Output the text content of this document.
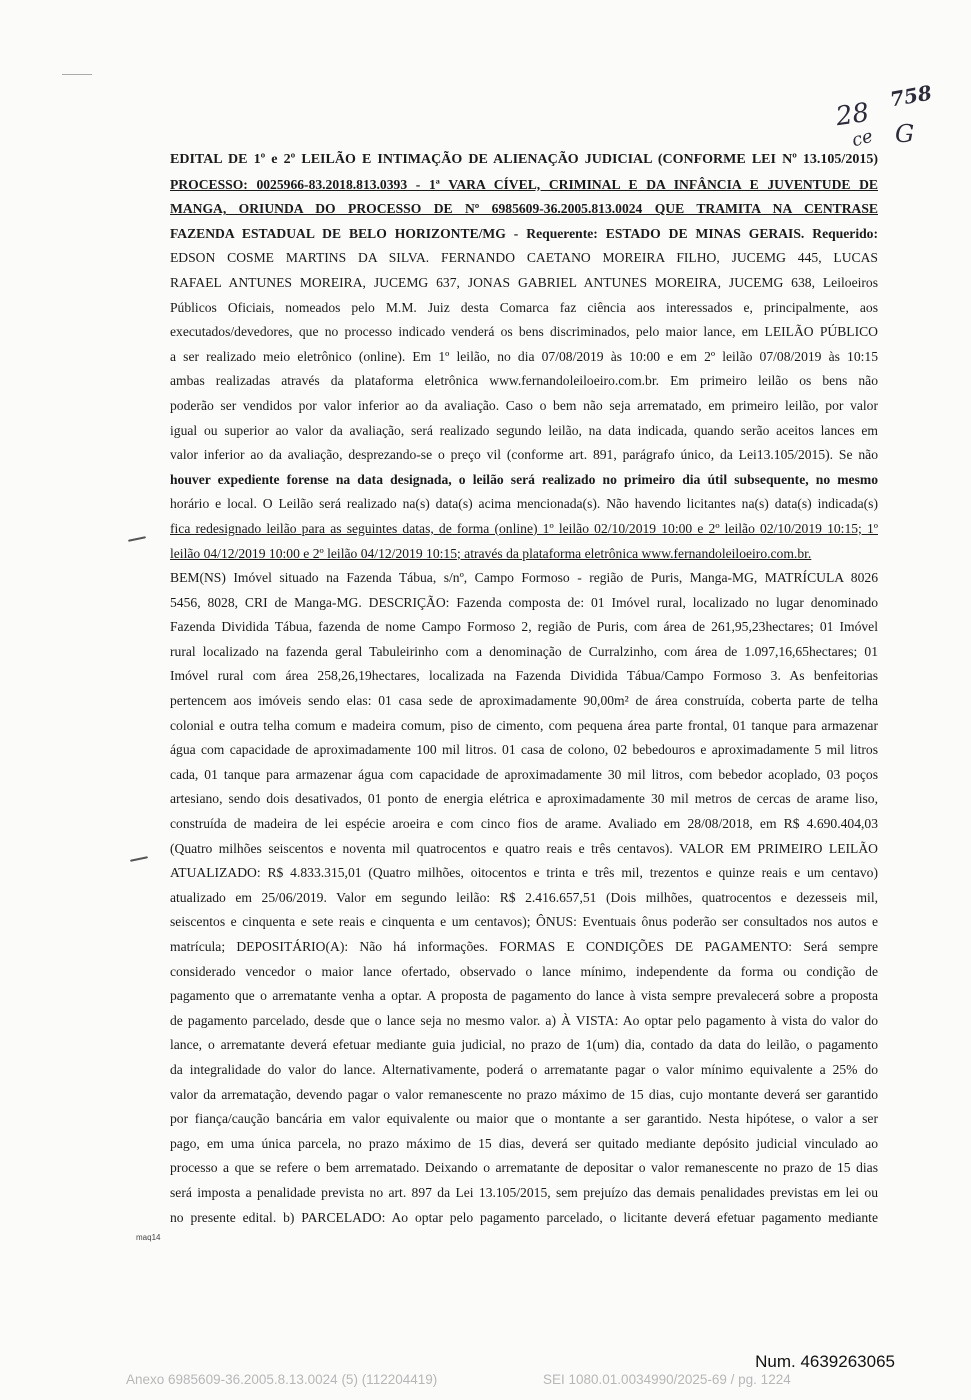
28
758
G
ce
maq14
EDITAL DE 1º e 2º LEILÃO E INTIMAÇÃO DE ALIENAÇÃO JUDICIAL (CONFORME LEI Nº 13.105/2015)
PROCESSO: 0025966-83.2018.813.0393 - 1ª VARA CÍVEL, CRIMINAL E DA INFÂNCIA E JUVENTUDE DE
MANGA, ORIUNDA DO PROCESSO DE Nº 6985609-36.2005.813.0024 QUE TRAMITA NA CENTRASE
FAZENDA ESTADUAL DE BELO HORIZONTE/MG - Requerente: ESTADO DE MINAS GERAIS. Requerido:
EDSON COSME MARTINS DA SILVA. FERNANDO CAETANO MOREIRA FILHO, JUCEMG 445, LUCAS
RAFAEL ANTUNES MOREIRA, JUCEMG 637, JONAS GABRIEL ANTUNES MOREIRA, JUCEMG 638, Leiloeiros
Públicos Oficiais, nomeados pelo M.M. Juiz desta Comarca faz ciência aos interessados e, principalmente, aos
executados/devedores, que no processo indicado venderá os bens discriminados, pelo maior lance, em LEILÃO PÚBLICO
a ser realizado meio eletrônico (online). Em 1º leilão, no dia 07/08/2019 às 10:00 e em 2º leilão 07/08/2019 às 10:15
ambas realizadas através da plataforma eletrônica www.fernandoleiloeiro.com.br. Em primeiro leilão os bens não
poderão ser vendidos por valor inferior ao da avaliação. Caso o bem não seja arrematado, em primeiro leilão, por valor
igual ou superior ao valor da avaliação, será realizado segundo leilão, na data indicada, quando serão aceitos lances em
valor inferior ao da avaliação, desprezando-se o preço vil (conforme art. 891, parágrafo único, da Lei13.105/2015). Se não
houver expediente forense na data designada, o leilão será realizado no primeiro dia útil subsequente, no mesmo
horário e local. O Leilão será realizado na(s) data(s) acima mencionada(s). Não havendo licitantes na(s) data(s) indicada(s)
fica redesignado leilão para as seguintes datas, de forma (online) 1º leilão 02/10/2019 10:00 e 2º leilão 02/10/2019 10:15; 1º
leilão 04/12/2019 10:00 e 2º leilão 04/12/2019 10:15; através da plataforma eletrônica www.fernandoleiloeiro.com.br.
BEM(NS) Imóvel situado na Fazenda Tábua, s/nº, Campo Formoso - região de Puris, Manga-MG, MATRÍCULA 8026
5456, 8028, CRI de Manga-MG. DESCRIÇÃO: Fazenda composta de: 01 Imóvel rural, localizado no lugar denominado
Fazenda Dividida Tábua, fazenda de nome Campo Formoso 2, região de Puris, com área de 261,95,23hectares; 01 Imóvel
rural localizado na fazenda geral Tabuleirinho com a denominação de Curralzinho, com área de 1.097,16,65hectares; 01
Imóvel rural com área 258,26,19hectares, localizada na Fazenda Dividida Tábua/Campo Formoso 3. As benfeitorias
pertencem aos imóveis sendo elas: 01 casa sede de aproximadamente 90,00m² de área construída, coberta parte de telha
colonial e outra telha comum e madeira comum, piso de cimento, com pequena área parte frontal, 01 tanque para armazenar
água com capacidade de aproximadamente 100 mil litros. 01 casa de colono, 02 bebedouros e aproximadamente 5 mil litros
cada, 01 tanque para armazenar água com capacidade de aproximadamente 30 mil litros, com bebedor acoplado, 03 poços
artesiano, sendo dois desativados, 01 ponto de energia elétrica e aproximadamente 30 mil metros de cercas de arame liso,
construída de madeira de lei espécie aroeira e com cinco fios de arame. Avaliado em 28/08/2018, em R$ 4.690.404,03
(Quatro milhões seiscentos e noventa mil quatrocentos e quatro reais e três centavos). VALOR EM PRIMEIRO LEILÃO
ATUALIZADO: R$ 4.833.315,01 (Quatro milhões, oitocentos e trinta e três mil, trezentos e quinze reais e um centavo)
atualizado em 25/06/2019. Valor em segundo leilão: R$ 2.416.657,51 (Dois milhões, quatrocentos e dezesseis mil,
seiscentos e cinquenta e sete reais e cinquenta e um centavos); ÔNUS: Eventuais ônus poderão ser consultados nos autos e
matrícula; DEPOSITÁRIO(A): Não há informações. FORMAS E CONDIÇÕES DE PAGAMENTO: Será sempre
considerado vencedor o maior lance ofertado, observado o lance mínimo, independente da forma ou condição de
pagamento que o arrematante venha a optar. A proposta de pagamento do lance à vista sempre prevalecerá sobre a proposta
de pagamento parcelado, desde que o lance seja no mesmo valor. a) À VISTA: Ao optar pelo pagamento à vista do valor do
lance, o arrematante deverá efetuar mediante guia judicial, no prazo de 1(um) dia, contado da data do leilão, o pagamento
da integralidade do valor do lance. Alternativamente, poderá o arrematante pagar o valor mínimo equivalente a 25% do
valor da arrematação, devendo pagar o valor remanescente no prazo máximo de 15 dias, cujo montante deverá ser garantido
por fiança/caução bancária em valor equivalente ou maior que o montante a ser garantido. Nesta hipótese, o valor a ser
pago, em uma única parcela, no prazo máximo de 15 dias, deverá ser quitado mediante depósito judicial vinculado ao
processo a que se refere o bem arrematado. Deixando o arrematante de depositar o valor remanescente no prazo de 15 dias
será imposta a penalidade prevista no art. 897 da Lei 13.105/2015, sem prejuízo das demais penalidades previstas em lei ou
no presente edital. b) PARCELADO: Ao optar pelo pagamento parcelado, o licitante deverá efetuar pagamento mediante
Num. 4639263065
Anexo 6985609-36.2005.8.13.0024 (5) (112204419)	SEI 1080.01.0034990/2025-69 / pg. 1224
